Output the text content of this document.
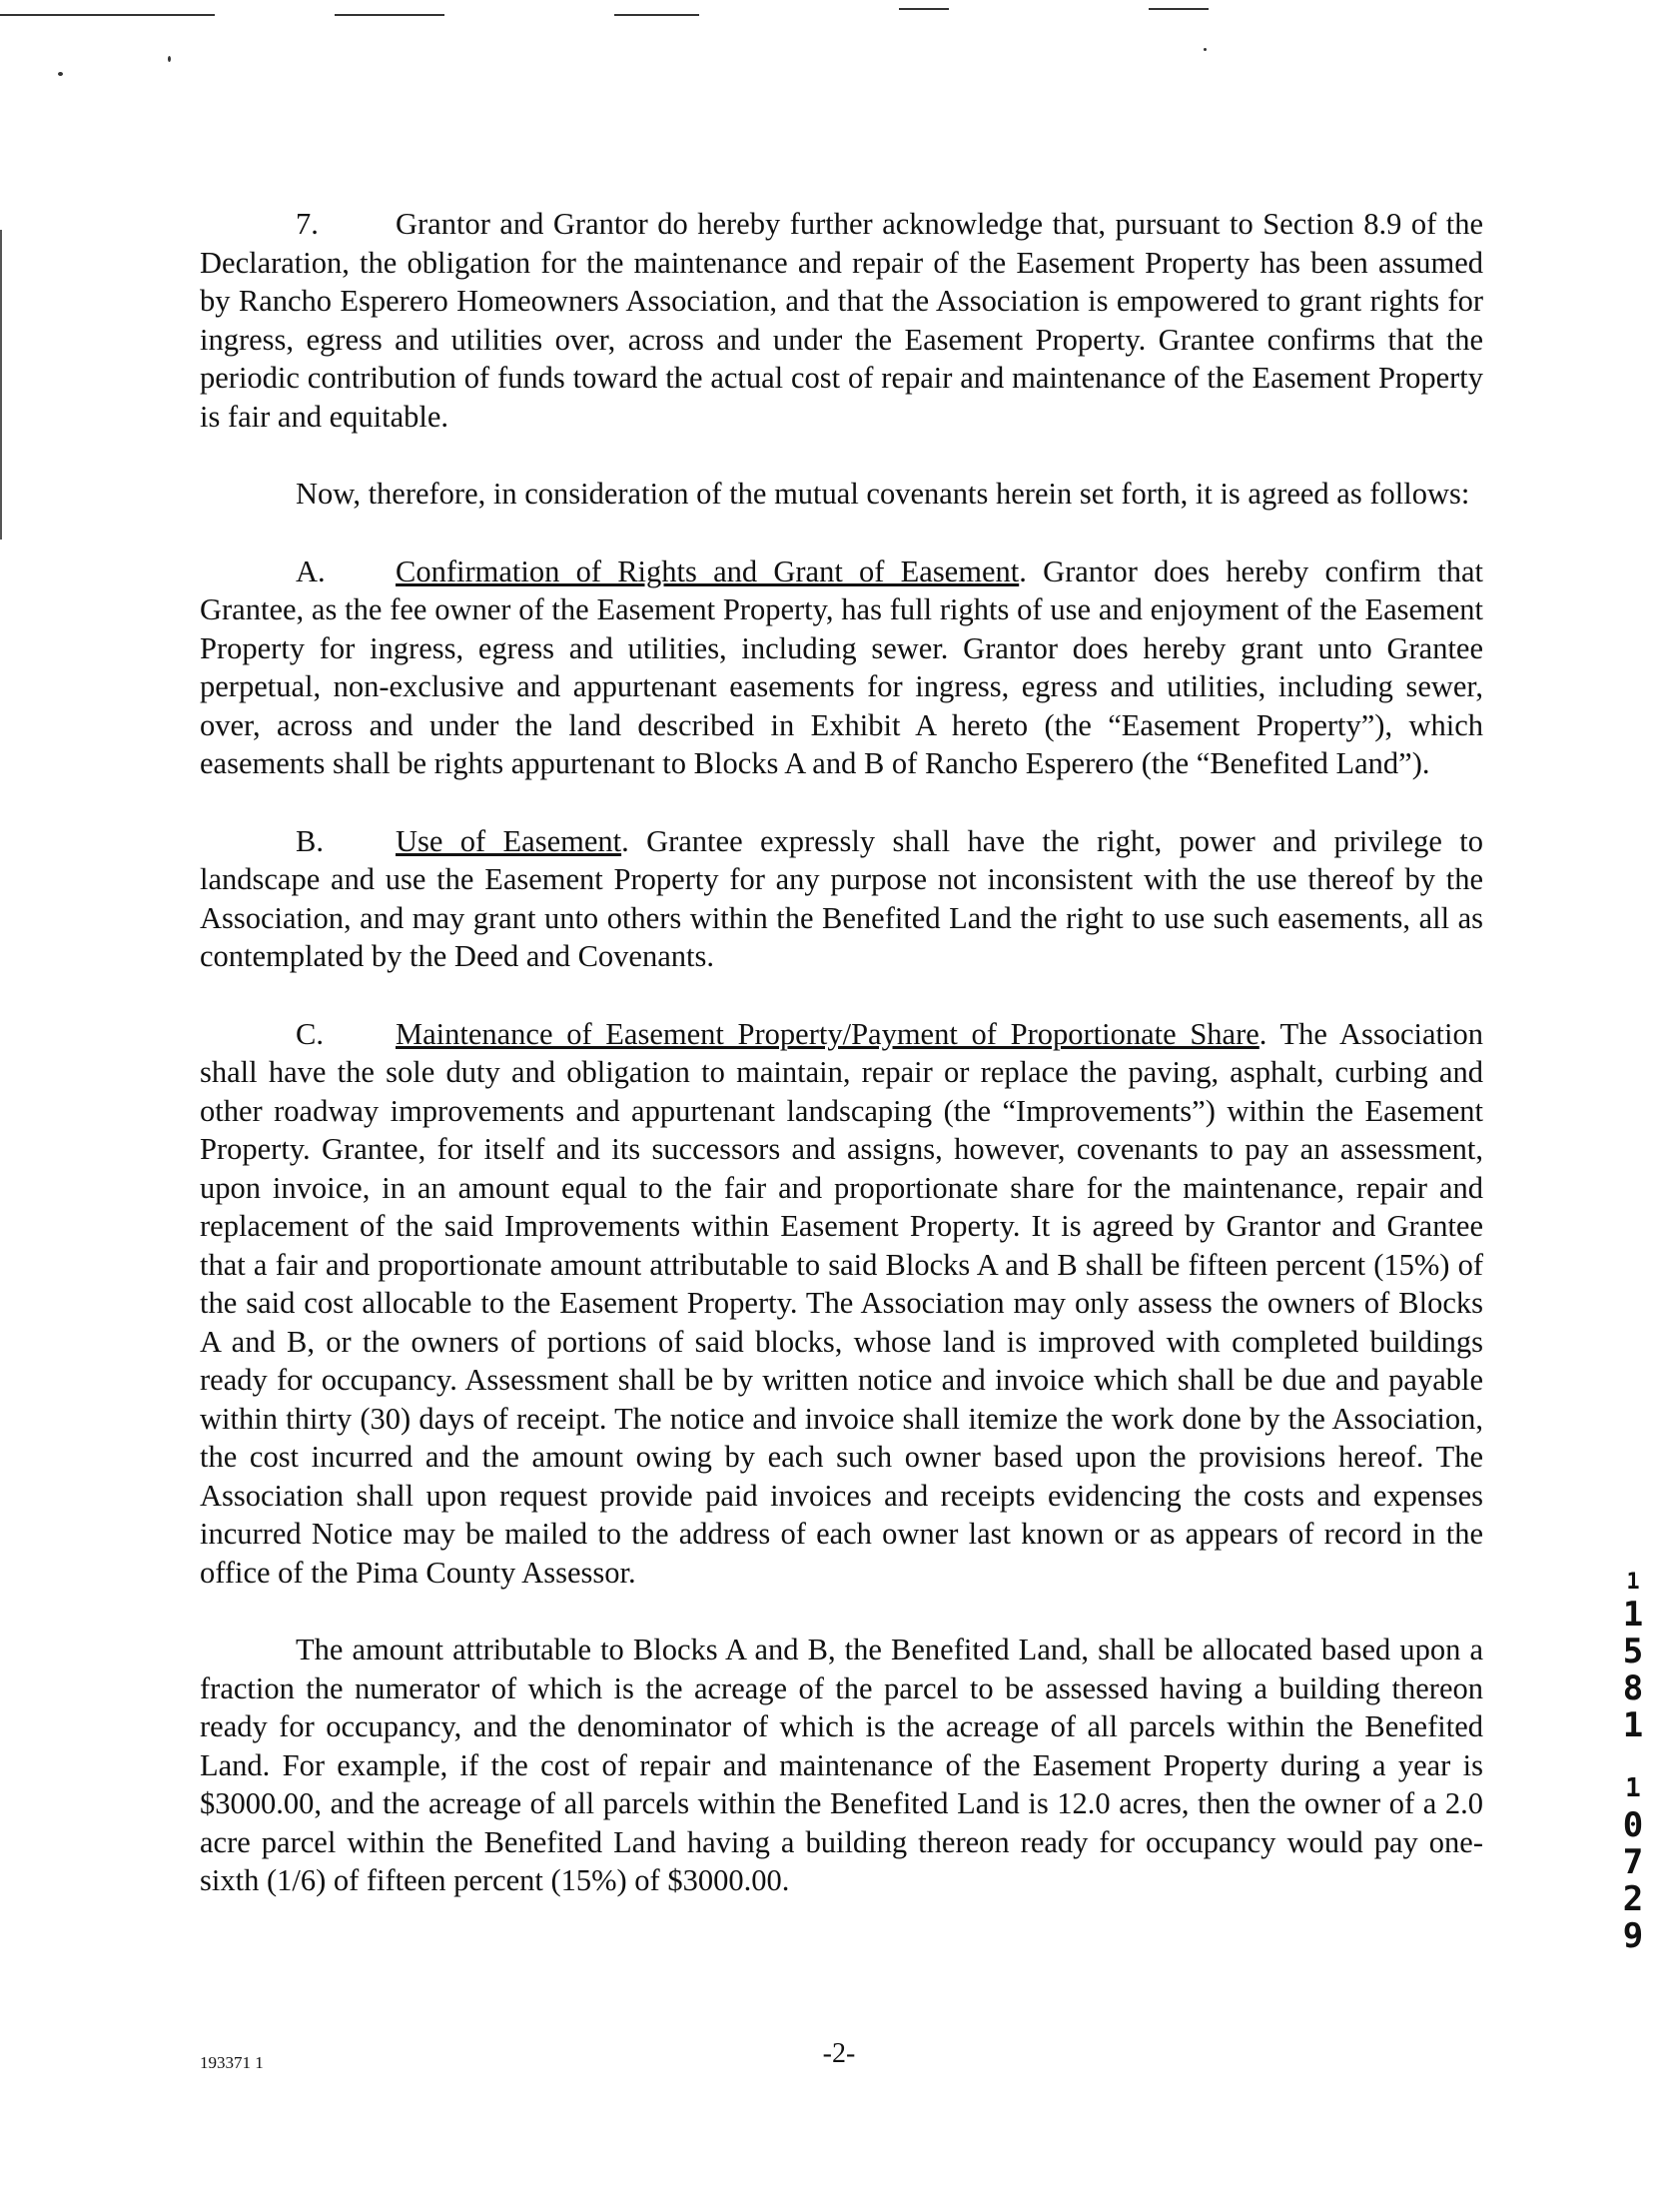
7.	Grantor and Grantor do hereby further acknowledge that, pursuant to Section 8.9 of the Declaration, the obligation for the maintenance and repair of the Easement Property has been assumed by Rancho Esperero Homeowners Association, and that the Association is empowered to grant rights for ingress, egress and utilities over, across and under the Easement Property. Grantee confirms that the periodic contribution of funds toward the actual cost of repair and maintenance of the Easement Property is fair and equitable.

Now, therefore, in consideration of the mutual covenants herein set forth, it is agreed as follows:

A. Confirmation of Rights and Grant of Easement. Grantor does hereby confirm that Grantee, as the fee owner of the Easement Property, has full rights of use and enjoyment of the Easement Property for ingress, egress and utilities, including sewer. Grantor does hereby grant unto Grantee perpetual, non-exclusive and appurtenant easements for ingress, egress and utilities, including sewer, over, across and under the land described in Exhibit A hereto (the “Easement Property”), which easements shall be rights appurtenant to Blocks A and B of Rancho Esperero (the “Benefited Land”).

B. Use of Easement. Grantee expressly shall have the right, power and privilege to landscape and use the Easement Property for any purpose not inconsistent with the use thereof by the Association, and may grant unto others within the Benefited Land the right to use such easements, all as contemplated by the Deed and Covenants.

C. Maintenance of Easement Property/Payment of Proportionate Share. The Association shall have the sole duty and obligation to maintain, repair or replace the paving, asphalt, curbing and other roadway improvements and appurtenant landscaping (the “Improvements”) within the Easement Property. Grantee, for itself and its successors and assigns, however, covenants to pay an assessment, upon invoice, in an amount equal to the fair and proportionate share for the maintenance, repair and replacement of the said Improvements within Easement Property. It is agreed by Grantor and Grantee that a fair and proportionate amount attributable to said Blocks A and B shall be fifteen percent (15%) of the said cost allocable to the Easement Property. The Association may only assess the owners of Blocks A and B, or the owners of portions of said blocks, whose land is improved with completed buildings ready for occupancy. Assessment shall be by written notice and invoice which shall be due and payable within thirty (30) days of receipt. The notice and invoice shall itemize the work done by the Association, the cost incurred and the amount owing by each such owner based upon the provisions hereof. The Association shall upon request provide paid invoices and receipts evidencing the costs and expenses incurred Notice may be mailed to the address of each owner last known or as appears of record in the office of the Pima County Assessor.

The amount attributable to Blocks A and B, the Benefited Land, shall be allocated based upon a fraction the numerator of which is the acreage of the parcel to be assessed having a building thereon ready for occupancy, and the denominator of which is the acreage of all parcels within the Benefited Land. For example, if the cost of repair and maintenance of the Easement Property during a year is $3000.00, and the acreage of all parcels within the Benefited Land is 12.0 acres, then the owner of a 2.0 acre parcel within the Benefited Land having a building thereon ready for occupancy would pay one-sixth (1/6) of fifteen percent (15%) of $3000.00.

1
1
5
8
1
1
0
7
2
9
193371 1	-2-
